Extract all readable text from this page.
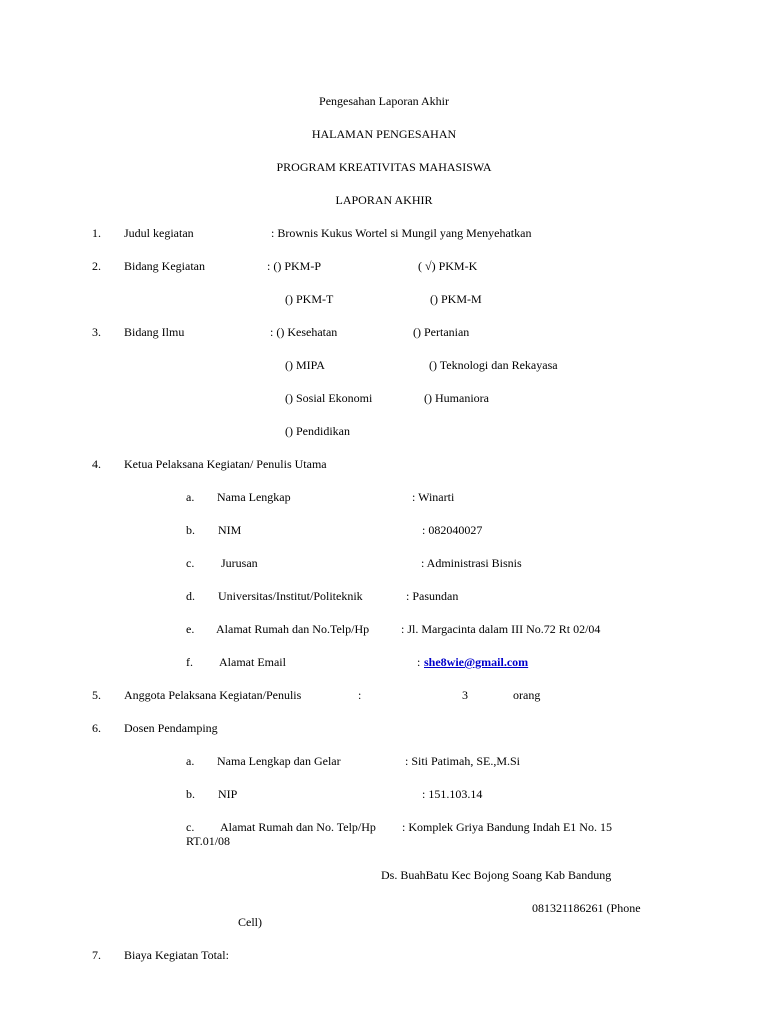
Pengesahan Laporan Akhir
HALAMAN PENGESAHAN
PROGRAM KREATIVITAS MAHASISWA
LAPORAN AKHIR
1. Judul kegiatan	: Brownis Kukus Wortel si Mungil yang Menyehatkan
2. Bidang Kegiatan	: () PKM-P	( √) PKM-K
() PKM-T	() PKM-M
3. Bidang Ilmu	: () Kesehatan	() Pertanian
() MIPA	() Teknologi dan Rekayasa
() Sosial Ekonomi	() Humaniora
() Pendidikan
4. Ketua Pelaksana Kegiatan/ Penulis Utama
a. Nama Lengkap	: Winarti
b. NIM	: 082040027
c. Jurusan	: Administrasi Bisnis
d. Universitas/Institut/Politeknik	: Pasundan
e. Alamat Rumah dan No.Telp/Hp	: Jl. Margacinta dalam III No.72 Rt 02/04
f. Alamat Email	: she8wie@gmail.com
5. Anggota Pelaksana Kegiatan/Penulis	:	3	orang
6. Dosen Pendamping
a. Nama Lengkap dan Gelar	: Siti Patimah, SE.,M.Si
b. NIP	: 151.103.14
c. Alamat Rumah dan No. Telp/Hp : Komplek Griya Bandung Indah E1 No. 15
RT.01/08
Ds. BuahBatu Kec Bojong Soang Kab Bandung
081321186261 (Phone
Cell)
7. Biaya Kegiatan Total:
